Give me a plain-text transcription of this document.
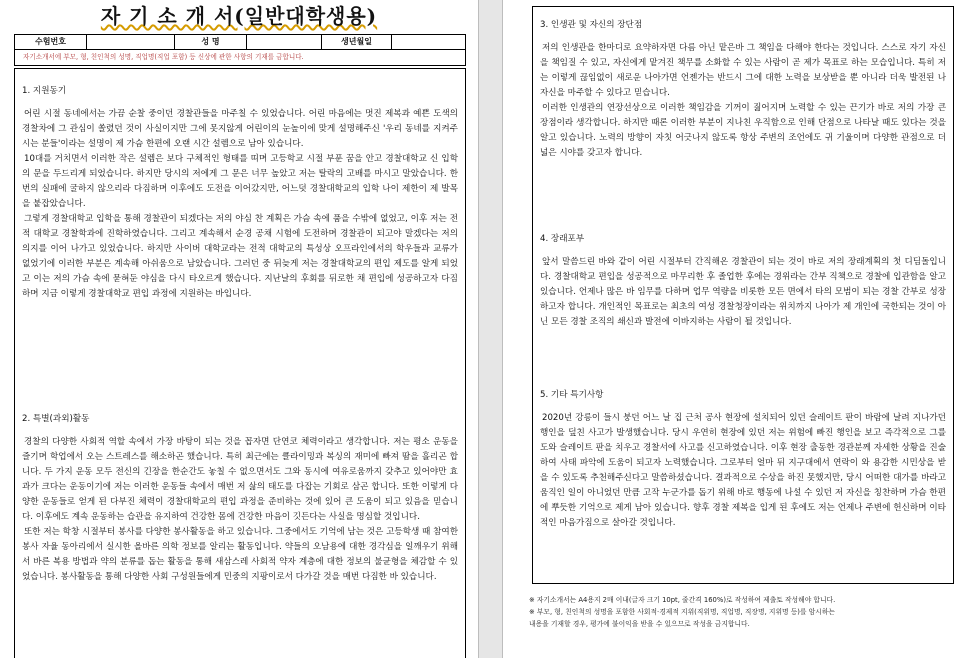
자 기 소 개 서(일반대학생용)
수험번호	성 명	생년월일
자기소개서에 부모, 형, 친인척의 성명, 직업명(직업 포함) 등 신상에 관한 사항의 기재를 금합니다.
1. 지원동기

어린 시절 동네에서는 가끔 순찰 중이던 경찰관들을 마주칠 수 있었습니다. 어린 마음에는 멋진 제복과 예쁜 도색의 경찰차에 그 관심이 쏠렸던 것이 사실이지만 그에 못지않게 어린이의 눈높이에 맞게 설명해주신 '우리 동네를 지켜주시는 분들'이라는 설명이 제 가슴 한편에 오랜 시간 설렘으로 남아 있습니다.

10대를 거치면서 이러한 작은 설렘은 보다 구체적인 형태를 띠며 고등학교 시절 부푼 꿈을 안고 경찰대학교 신 입학의 문을 두드리게 되었습니다. 하지만 당시의 저에게 그 문은 너무 높았고 저는 탈락의 고배를 마시고 말았습니다. 한 번의 실패에 굴하지 않으리라 다짐하며 이후에도 도전을 이어갔지만, 어느덧 경찰대학교의 입학 나이 제한이 제 발목을 붙잡았습니다.

그렇게 경찰대학교 입학을 통해 경찰관이 되겠다는 저의 야심 찬 계획은 가슴 속에 품을 수밖에 없었고, 이후 저는 전적 대학교 경찰학과에 진학하였습니다. 그리고 계속해서 순경 공채 시험에 도전하며 경찰관이 되고야 말겠다는 저의 의지를 이어 나가고 있었습니다. 하지만 사이버 대학교라는 전적 대학교의 특성상 오프라인에서의 학우들과 교류가 없었기에 이러한 부분은 계속해 아쉬움으로 남았습니다. 그러던 중 뒤늦게 저는 경찰대학교의 편입 제도를 알게 되었고 이는 저의 가슴 속에 묻혀둔 야심을 다시 타오르게 했습니다. 지난날의 후회를 뒤로한 채 편입에 성공하고자 다짐하며 지금 이렇게 경찰대학교 편입 과정에 지원하는 바입니다.

2. 특별(과외)활동

경찰의 다양한 사회적 역할 속에서 가장 바탕이 되는 것을 꼽자면 단연코 체력이라고 생각합니다. 저는 평소 운동을 즐기며 학업에서 오는 스트레스를 해소하곤 했습니다. 특히 최근에는 클라이밍과 복싱의 재미에 빠져 땀을 흘리곤 합니다. 두 가지 운동 모두 전신의 긴장을 한순간도 놓칠 수 없으면서도 그와 동시에 여유로움까지 갖추고 있어야만 효과가 크다는 운동이기에 저는 이러한 운동들 속에서 매번 저 삶의 태도를 다잡는 기회로 삼곤 합니다. 또한 이렇게 다양한 운동들로 얻게 된 다부진 체력이 경찰대학교의 편입 과정을 준비하는 것에 있어 큰 도움이 되고 있음을 믿습니다. 이후에도 계속 운동하는 습관을 유지하여 건강한 몸에 건강한 마음이 깃든다는 사실을 명심할 것입니다.

또한 저는 학창 시절부터 봉사를 다양한 봉사활동을 하고 있습니다. 그중에서도 기억에 남는 것은 고등학생 때 참여한 봉사 자율 동아리에서 실시한 올바른 의학 정보를 알리는 활동입니다. 약들의 오남용에 대한 경각심을 일깨우기 위해서 바른 복용 방법과 약의 분류를 돕는 활동을 통해 새삼스레 사회적 약자 계층에 대한 정보의 불균형을 체감할 수 있었습니다. 봉사활동을 통해 다양한 사회 구성원들에게 민중의 지팡이로서 다가갈 것을 매번 다짐한 바 있습니다.

3. 인생관 및 자신의 장단점

저의 인생관을 한마디로 요약하자면 다름 아닌 맡은바 그 책임을 다해야 한다는 것입니다. 스스로 자기 자신을 책임질 수 있고, 자신에게 맡겨진 책무를 소화할 수 있는 사람이 곧 제가 목표로 하는 모습입니다. 특히 저는 이렇게 끊임없이 새로운 나아가면 언젠가는 반드시 그에 대한 노력을 보상받을 뿐 아니라 더욱 발전된 나 자신을 마주할 수 있다고 믿습니다.

이러한 인생관의 연장선상으로 이러한 책임감을 기꺼이 짊어지며 노력할 수 있는 끈기가 바로 저의 가장 큰 장점이라 생각합니다. 하지만 때론 이러한 부분이 지나친 우직함으로 인해 단점으로 나타날 때도 있다는 것을 알고 있습니다. 노력의 방향이 자칫 어긋나지 않도록 항상 주변의 조언에도 귀 기울이며 다양한 관점으로 더 넓은 시야를 갖고자 합니다.

4. 장래포부

앞서 말씀드린 바와 같이 어린 시절부터 간직해온 경찰관이 되는 것이 바로 저의 장래계획의 첫 디딤돌입니다. 경찰대학교 편입을 성공적으로 마무리한 후 졸업한 후에는 경위라는 간부 직책으로 경찰에 입관함을 알고 있습니다. 언제나 많은 바 임무를 다하며 업무 역량을 비롯한 모든 면에서 타의 모범이 되는 경찰 간부로 성장하고자 합니다. 개인적인 목표로는 최초의 여성 경찰청장이라는 위치까지 나아가 제 개인에 국한되는 것이 아닌 모든 경찰 조직의 쇄신과 발전에 이바지하는 사람이 될 것입니다.

5. 기타 특기사항

2020년 강릉이 들시 붕던 어느 날 집 근처 공사 현장에 설치되어 있던 슬레이트 판이 바람에 날려 지나가던 행인을 덮친 사고가 발생했습니다. 당시 우연히 현장에 있던 저는 위험에 빠진 행인을 보고 즉각적으로 그를 도와 슬레이트 판을 치우고 경찰서에 사고를 신고하였습니다. 이후 현장 출동한 경관분께 자세한 상황을 진술하여 사태 파악에 도움이 되고자 노력했습니다. 그로부터 얼마 뒤 지구대에서 연락이 와 용감한 시민상을 받을 수 있도록 추천해주신다고 말씀하셨습니다. 결과적으로 수상을 하진 못했지만, 당시 어떠한 대가를 바라고 움직인 일이 아니었던 만큼 고작 누군가를 돕기 위해 바로 행동에 나설 수 있던 저 자신을 칭찬하며 가슴 한편에 뿌듯한 기억으로 제게 남아 있습니다. 향후 경찰 제복을 입게 된 후에도 저는 언제나 주변에 헌신하며 이타적인 마음가짐으로 살아갈 것입니다.

※ 자기소개서는 A4용지 2매 이내(글자 크기 10pt, 줄간격 160%)로 작성하여 제출토 작성해야 합니다.
※ 부모, 형, 친인척의 성명을 포함한 사회적·경제적 지위(직위명, 직업명, 직장명, 지위명 등)를 암시하는
내용을 기재할 경우, 평가에 불이익을 받을 수 있으므로 작성을 금지합니다.
